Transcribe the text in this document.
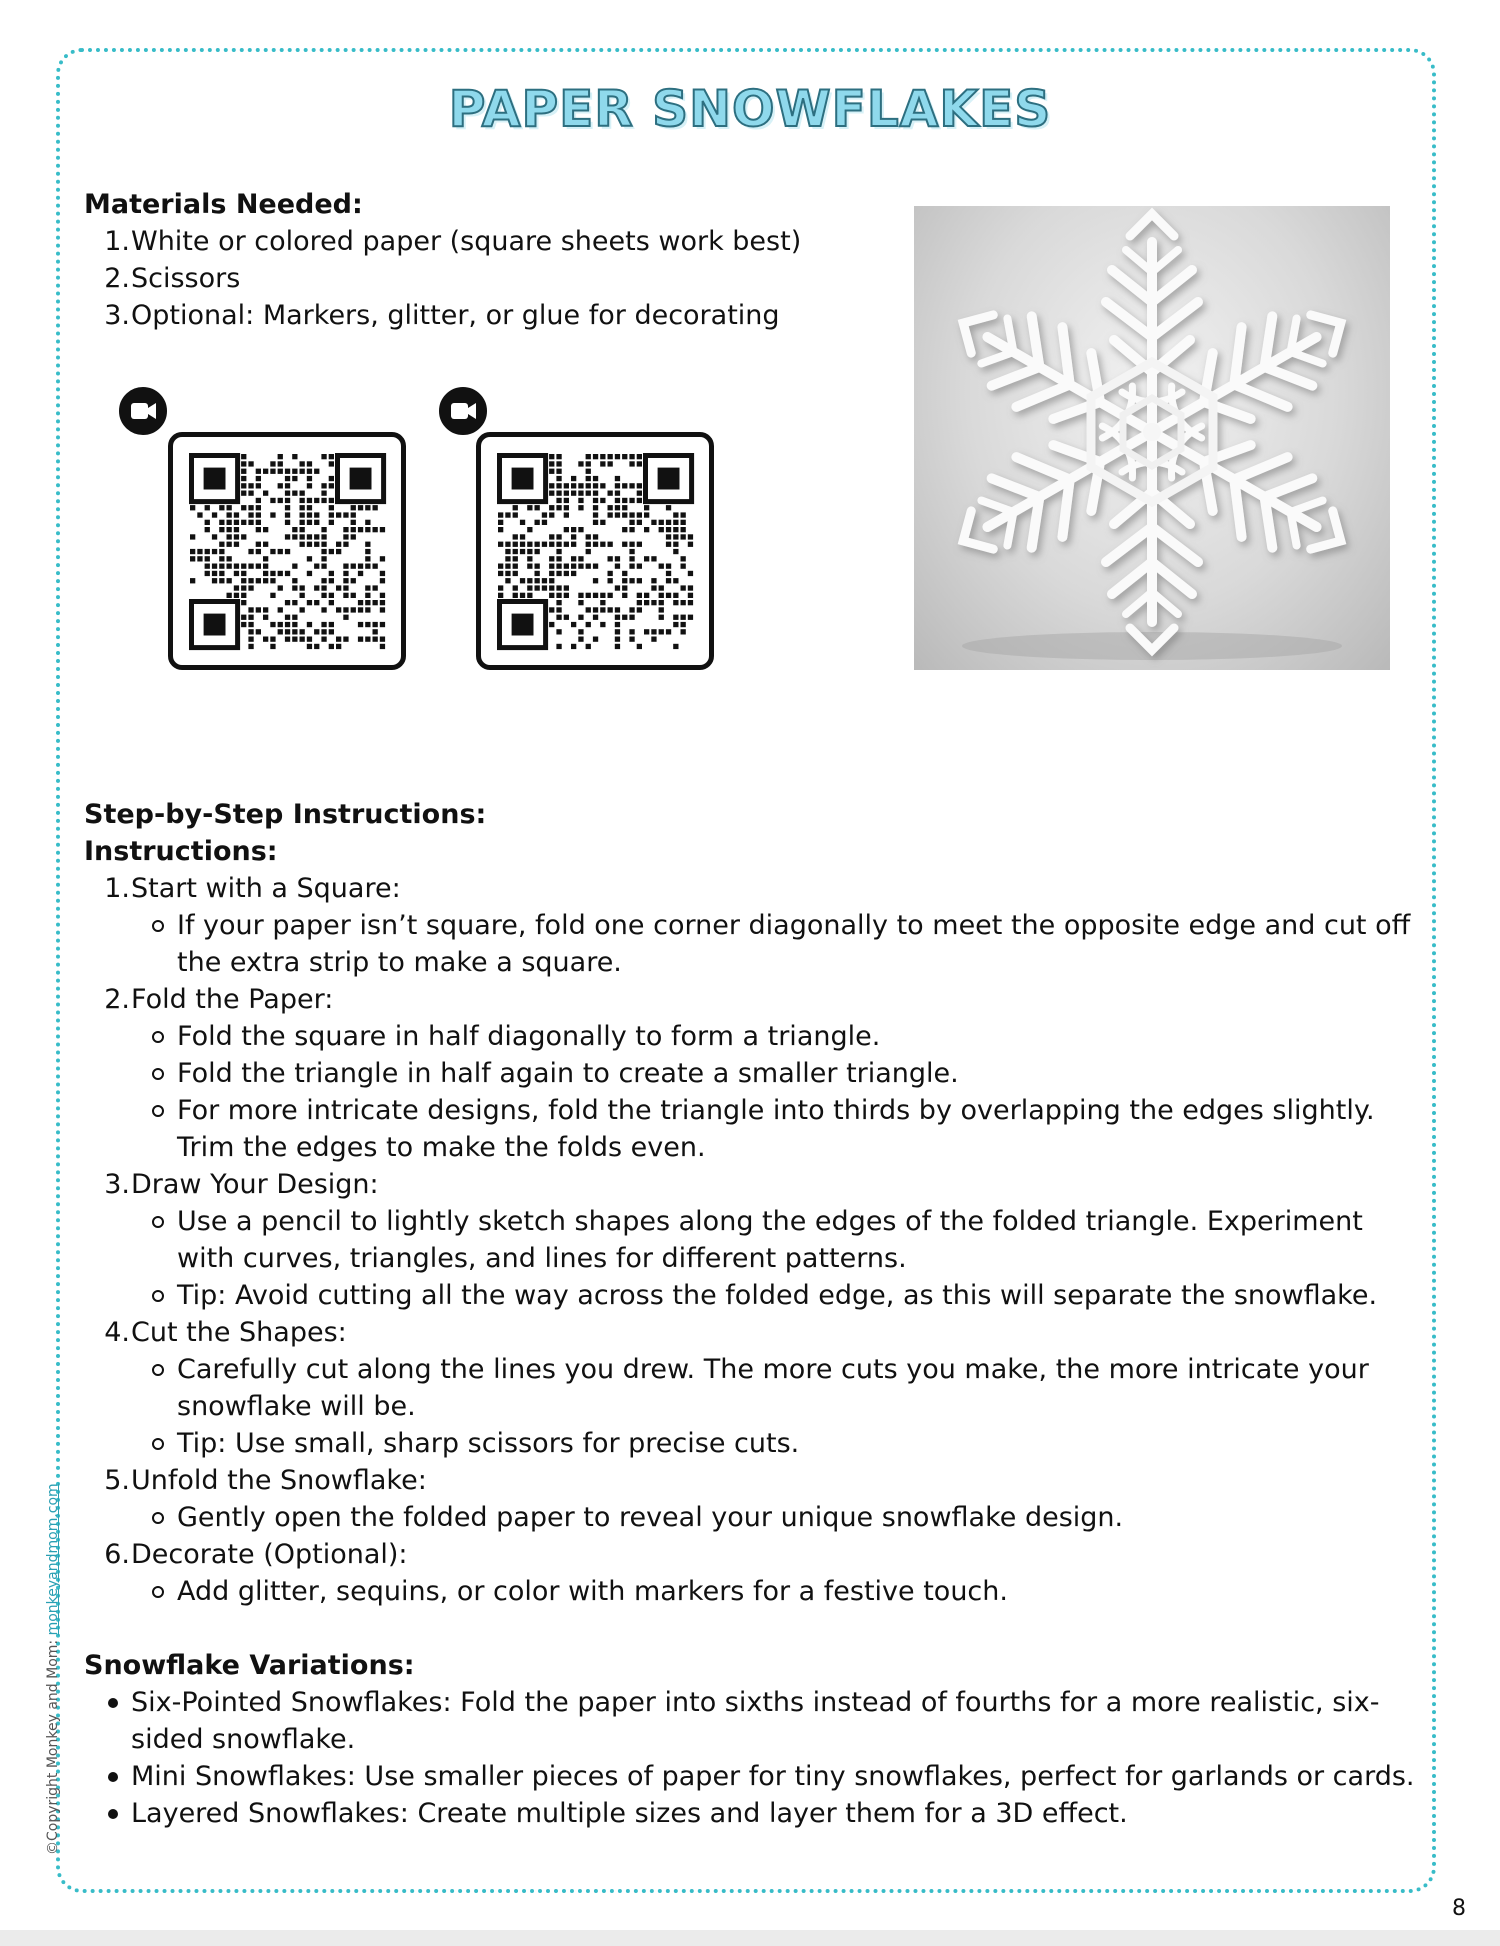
PAPER SNOWFLAKES
Materials Needed:
1. White or colored paper (square sheets work best)
2. Scissors
3. Optional: Markers, glitter, or glue for decorating
Step-by-Step Instructions:
Instructions:
1. Start with a Square:
If your paper isn’t square, fold one corner diagonally to meet the opposite edge and cut off
the extra strip to make a square.
2. Fold the Paper:
Fold the square in half diagonally to form a triangle.
Fold the triangle in half again to create a smaller triangle.
For more intricate designs, fold the triangle into thirds by overlapping the edges slightly.
Trim the edges to make the folds even.
3. Draw Your Design:
Use a pencil to lightly sketch shapes along the edges of the folded triangle. Experiment
with curves, triangles, and lines for different patterns.
Tip: Avoid cutting all the way across the folded edge, as this will separate the snowflake.
4. Cut the Shapes:
Carefully cut along the lines you drew. The more cuts you make, the more intricate your
snowflake will be.
Tip: Use small, sharp scissors for precise cuts.
5. Unfold the Snowflake:
Gently open the folded paper to reveal your unique snowflake design.
6. Decorate (Optional):
Add glitter, sequins, or color with markers for a festive touch.
Snowflake Variations:
Six-Pointed Snowflakes: Fold the paper into sixths instead of fourths for a more realistic, six-
sided snowflake.
Mini Snowflakes: Use smaller pieces of paper for tiny snowflakes, perfect for garlands or cards.
Layered Snowflakes: Create multiple sizes and layer them for a 3D effect.
©Copyright Monkey and Mom: monkeyandmom.com
8
